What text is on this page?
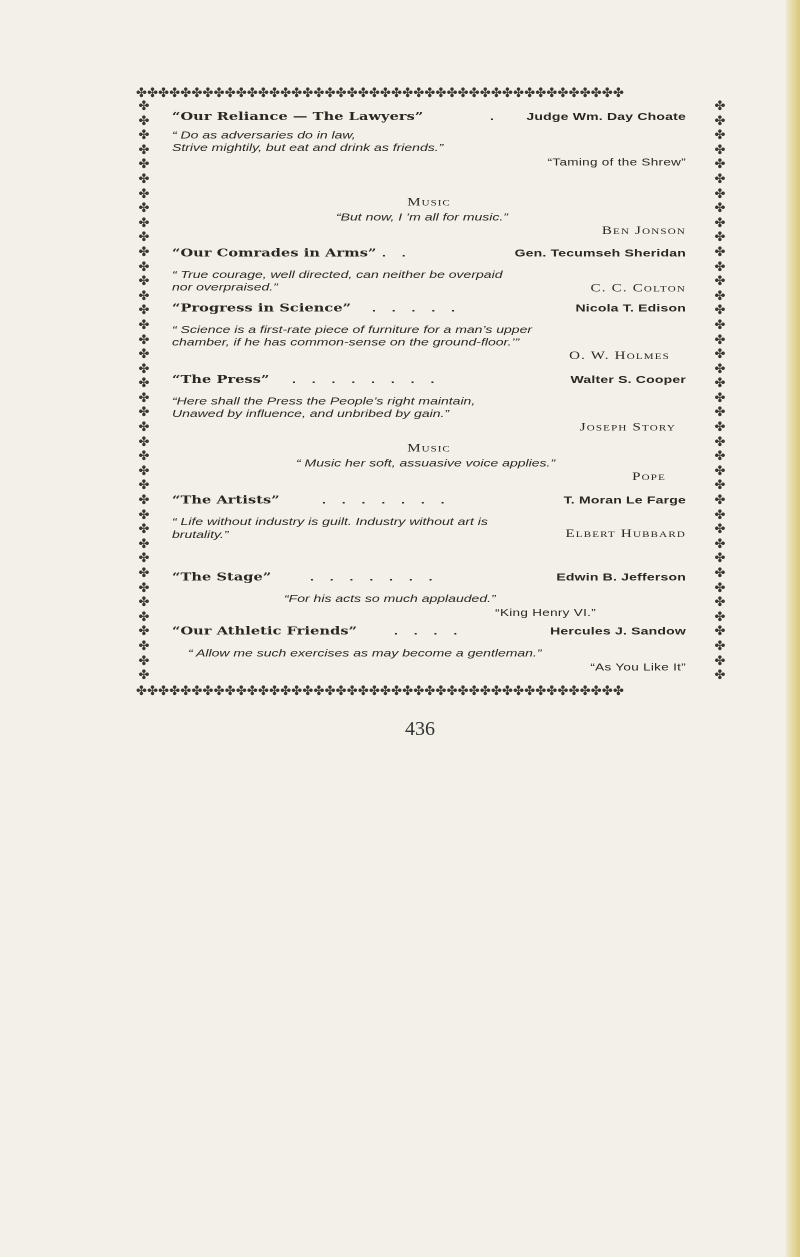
✤✤✤✤✤✤✤✤✤✤✤✤✤✤✤✤✤✤✤✤✤✤✤✤✤✤✤✤✤✤✤✤✤✤✤✤✤✤✤✤✤✤✤✤
✤
✤
✤
✤
✤
✤
✤
✤
✤
✤
✤
✤
✤
✤
✤
✤
✤
✤
✤
✤
✤
✤
✤
✤
✤
✤
✤
✤
✤
✤
✤
✤
✤
✤
✤
✤
✤
✤
✤
✤
✤
✤
✤
✤
✤
✤
✤
✤
✤
✤
✤
✤
✤
✤
✤
✤
✤
✤
✤
✤
✤
✤
✤
✤
✤
✤
✤
✤
✤
✤
✤
✤
✤
✤
✤
✤
✤
✤
✤
✤
✤✤✤✤✤✤✤✤✤✤✤✤✤✤✤✤✤✤✤✤✤✤✤✤✤✤✤✤✤✤✤✤✤✤✤✤✤✤✤✤✤✤✤✤
“Our Reliance — The Lawyers”	. Judge Wm. Day Choate

“ Do as adversaries do in law,

Strive mightily, but eat and drink as friends.”

“Taming of the Shrew”

Music

“But now, I ’m all for music.”

Ben Jonson

“Our Comrades in Arms” . .	Gen. Tecumseh Sheridan

“ True courage, well directed, can neither be overpaid

nor overpraised.”	C. C. Colton

“Progress in Science” . . . . .	Nicola T. Edison

“ Science is a first-rate piece of furniture for a man’s upper

chamber, if he has common-sense on the ground-floor.’”

O. W. Holmes

“The Press” . . . . . . . .	Walter S. Cooper

“Here shall the Press the People’s right maintain,

Unawed by influence, and unbribed by gain.”

Joseph Story

Music

“ Music her soft, assuasive voice applies.”

Pope

“The Artists”	. . . . . . .	T. Moran Le Farge

“ Life without industry is guilt. Industry without art is

brutality.”	Elbert Hubbard

“The Stage”	. . . . . . .	Edwin B. Jefferson

“For his acts so much applauded.”

“King Henry VI.”

“Our Athletic Friends”	. . . .	Hercules J. Sandow

“ Allow me such exercises as may become a gentleman.”

“As You Like It”

436
